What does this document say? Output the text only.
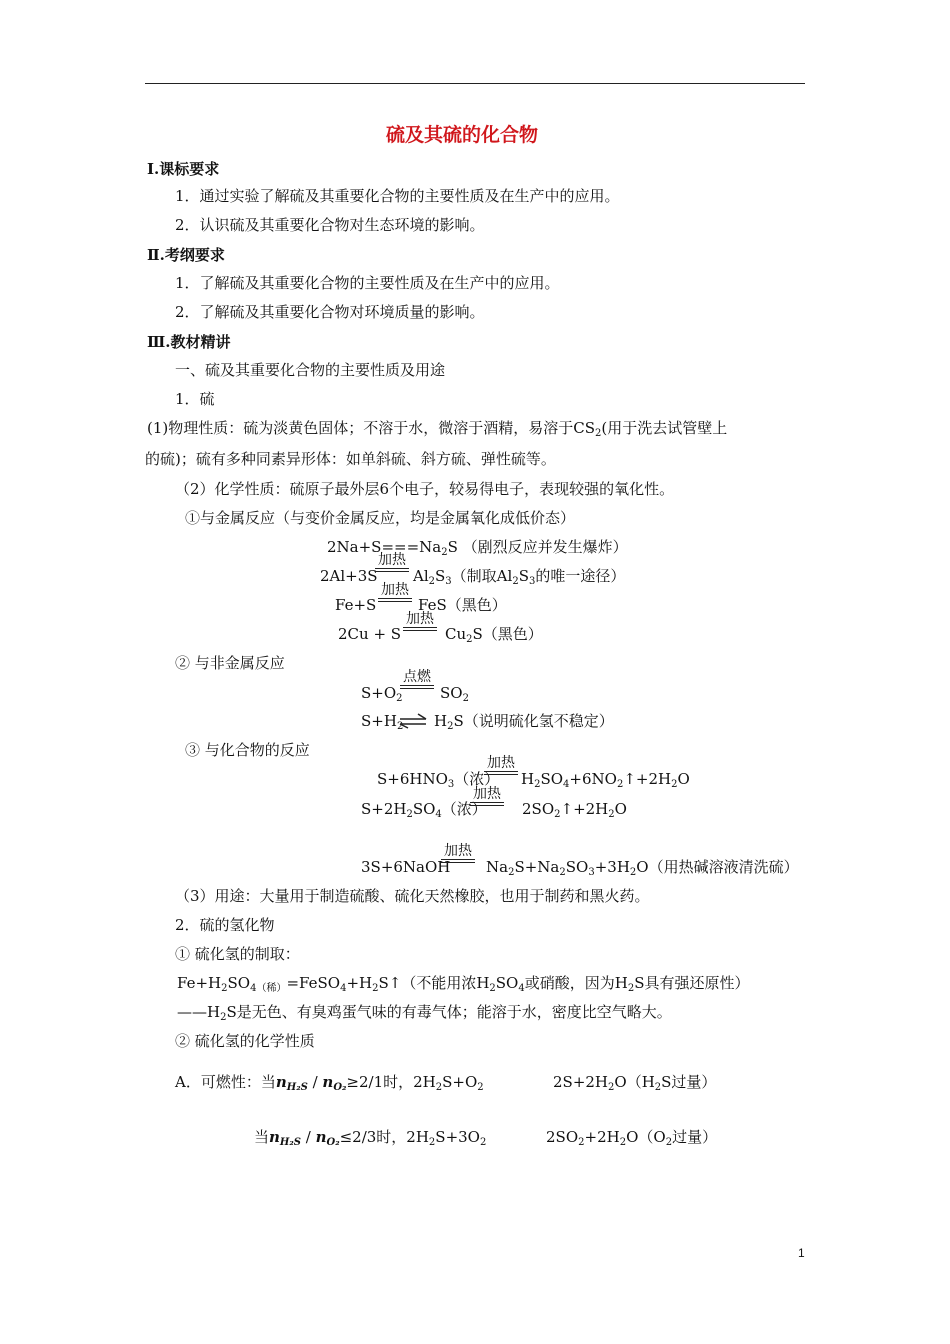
硫及其硫的化合物
Ⅰ.课标要求
1．通过实验了解硫及其重要化合物的主要性质及在生产中的应用。
2．认识硫及其重要化合物对生态环境的影响。
Ⅱ.考纲要求
1．了解硫及其重要化合物的主要性质及在生产中的应用。
2．了解硫及其重要化合物对环境质量的影响。
Ⅲ.教材精讲
一、硫及其重要化合物的主要性质及用途
1．硫
(1)物理性质：硫为淡黄色固体；不溶于水，微溶于酒精，易溶于$CS_2$(用于洗去试管壁上
的硫)；硫有多种同素异形体：如单斜硫、斜方硫、弹性硫等。
（2）化学性质：硫原子最外层6个电子，较易得电子，表现较强的氧化性。
①与金属反应（与变价金属反应，均是金属氧化成低价态）
$2Na+S===Na_2S$ （剧烈反应并发生爆炸）
2Al+3S
加热
$Al_2S_3$（制取$Al_2S_3$的唯一途径）
Fe+S
加热
FeS（黑色）
2Cu + S
加热
$Cu_2S$（黑色）
② 与非金属反应
$S+O_2$
点燃
$SO_2$
$S+H_2$ ⇌ $H_2S$（说明硫化氢不稳定）
③ 与化合物的反应
$S+6HNO_3$（浓）
加热
$H_2SO_4+6NO_2↑+2H_2O$
$S+2H_2SO_4$（浓）
加热
$2SO_2↑+2H_2O$
3S+6NaOH
加热
$Na_2S+Na_2SO_3+3H_2O$（用热碱溶液清洗硫）
（3）用途：大量用于制造硫酸、硫化天然橡胶，也用于制药和黑火药。
2．硫的氢化物
① 硫化氢的制取：
$Fe+H_2SO_{4(稀)}=FeSO_4+H_2S↑$（不能用浓$H_2SO_4$或硝酸，因为$H_2S$具有强还原性）
$——H_2S$是无色、有臭鸡蛋气味的有毒气体；能溶于水，密度比空气略大。
② 硫化氢的化学性质
A．可燃性：当$n_{H_2S} / n_{O_2}\ge 2/1$时，$2H_2S+O_2$	$2S+2H_2O(H_2S$过量）
当$n_{H_2S} / n_{O_2}\le 2/3$时，$2H_2S+3O_2$	$2SO_2+2H_2O(O_2$过量）
1
